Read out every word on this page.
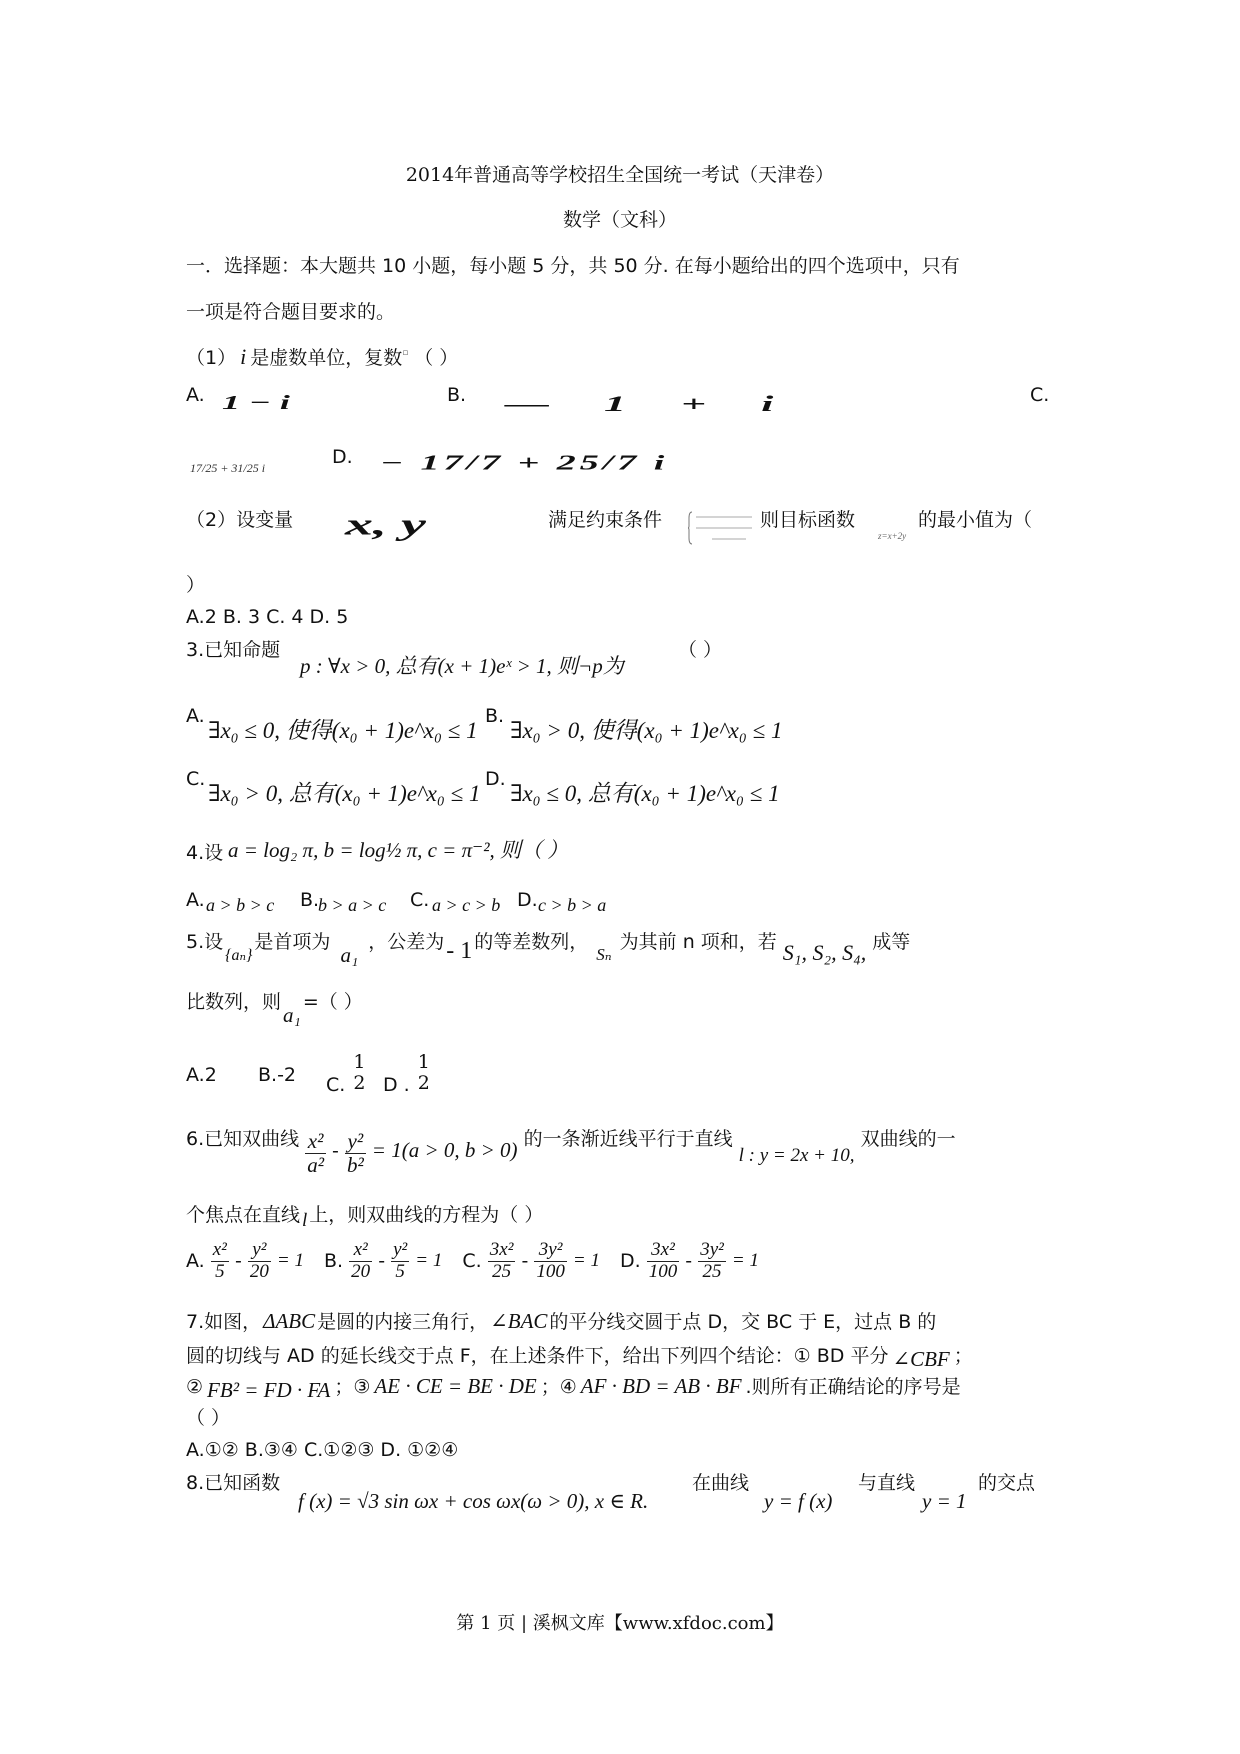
2014年普通高等学校招生全国统一考试（天津卷）
数学（文科）
一．选择题：本大题共 10 小题，每小题 5 分，共 50 分. 在每小题给出的四个选项中，只有
一项是符合题目要求的。
（1） i 是虚数单位，复数▫ （ ）
A. 1 − i	B. — 1 + i	C.
17/25 + 31/25 i	D. − 17/7 + 25/7 i
（2）设变量 x, y	满足约束条件	则目标函数
z=x+2y
的最小值为（
）
A.2 B. 3 C. 4 D. 5
3.已知命题
p : ∀x > 0, 总有(x + 1)eˣ > 1, 则¬p为
（ ）
A.
∃x₀ ≤ 0, 使得(x₀ + 1)e^x₀ ≤ 1
B.
∃x₀ > 0, 使得(x₀ + 1)e^x₀ ≤ 1
C.
∃x₀ > 0, 总有(x₀ + 1)e^x₀ ≤ 1
D.
∃x₀ ≤ 0, 总有(x₀ + 1)e^x₀ ≤ 1
4.设 a = log₂ π, b = log½ π, c = π⁻², 则（ ）
A. a > b > c B.
b > a > c C. a > c > b D. c > b > a
5.设$_{\{a_n\}}$是首项为a₁，公差为- 1 的等差数列，Sₙ为其前 n 项和，若 S₁, S₂, S₄, 成等
比数列，则a₁=（ ）
A.2 B.-2 C.
1
2 D .
1
2
6.已知双曲线 $\frac{\text{x²}}{\text{a²}} - \frac{\text{y²}}{\text{b²}} = 1(a > 0$, b > 0) 的一条渐近线平行于直线 l : y = 2x + 10, 双曲线的一
个焦点在直线 l 上，则双曲线的方程为（ ）
A. $\frac{\text{x²}}{5} - \frac{\text{y²}}{20} = 1$ B. $\frac{\text{x²}}{20} - \frac{\text{y²}}{5} = 1$ C. $\frac{\text{3x²}}{25} - \frac{\text{3y²}}{100} = 1$ D. $\frac{\text{3x²}}{100} - \frac{\text{3y²}}{25} = 1$
7.如图，ΔABC 是圆的内接三角行，∠BAC 的平分线交圆于点 D，交 BC 于 E，过点 B 的
圆的切线与 AD 的延长线交于点 F，在上述条件下，给出下列四个结论：① BD 平分 ∠CBF ；
② FB² = FD · FA ；③ AE · CE = BE · DE ；④ AF · BD = AB · BF .则所有正确结论的序号是
（ ）
A.①② B.③④ C.①②③ D. ①②④
8.已知函数
f (x) = √3 sin ωx + cos ωx(ω > 0), x ∈ R.
在曲线
y = f (x)
与直线
y = 1
的交点
第 1 页 | 溪枫文库【www.xfdoc.com】
